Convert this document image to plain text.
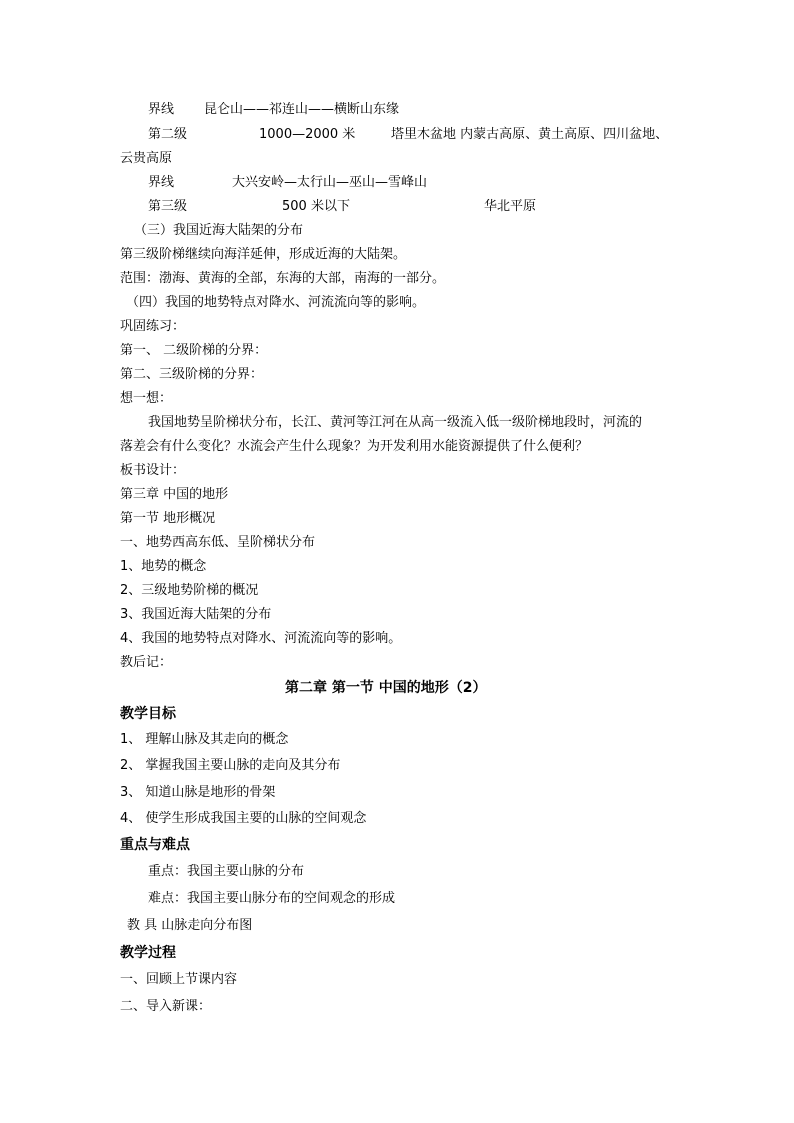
界线 昆仑山——祁连山——横断山东缘
第二级	1000—2000 米	塔里木盆地 内蒙古高原、黄土高原、四川盆地、
云贵高原
界线	大兴安岭—太行山—巫山—雪峰山
第三级	500 米以下	华北平原
（三）我国近海大陆架的分布
第三级阶梯继续向海洋延伸，形成近海的大陆架。
范围：渤海、黄海的全部，东海的大部，南海的一部分。
（四）我国的地势特点对降水、河流流向等的影响。
巩固练习：
第一、 二级阶梯的分界：
第二、三级阶梯的分界：
想一想：
我国地势呈阶梯状分布，长江、黄河等江河在从高一级流入低一级阶梯地段时，河流的
落差会有什么变化？水流会产生什么现象？为开发利用水能资源提供了什么便利？
板书设计：
第三章 中国的地形
第一节 地形概况
一、地势西高东低、呈阶梯状分布
1、地势的概念
2、三级地势阶梯的概况
3、我国近海大陆架的分布
4、我国的地势特点对降水、河流流向等的影响。
教后记：
第二章 第一节 中国的地形（2）
教学目标
1、 理解山脉及其走向的概念
2、 掌握我国主要山脉的走向及其分布
3、 知道山脉是地形的骨架
4、 使学生形成我国主要的山脉的空间观念
重点与难点
重点：我国主要山脉的分布
难点：我国主要山脉分布的空间观念的形成
教 具 山脉走向分布图
教学过程
一、回顾上节课内容
二、导入新课：
